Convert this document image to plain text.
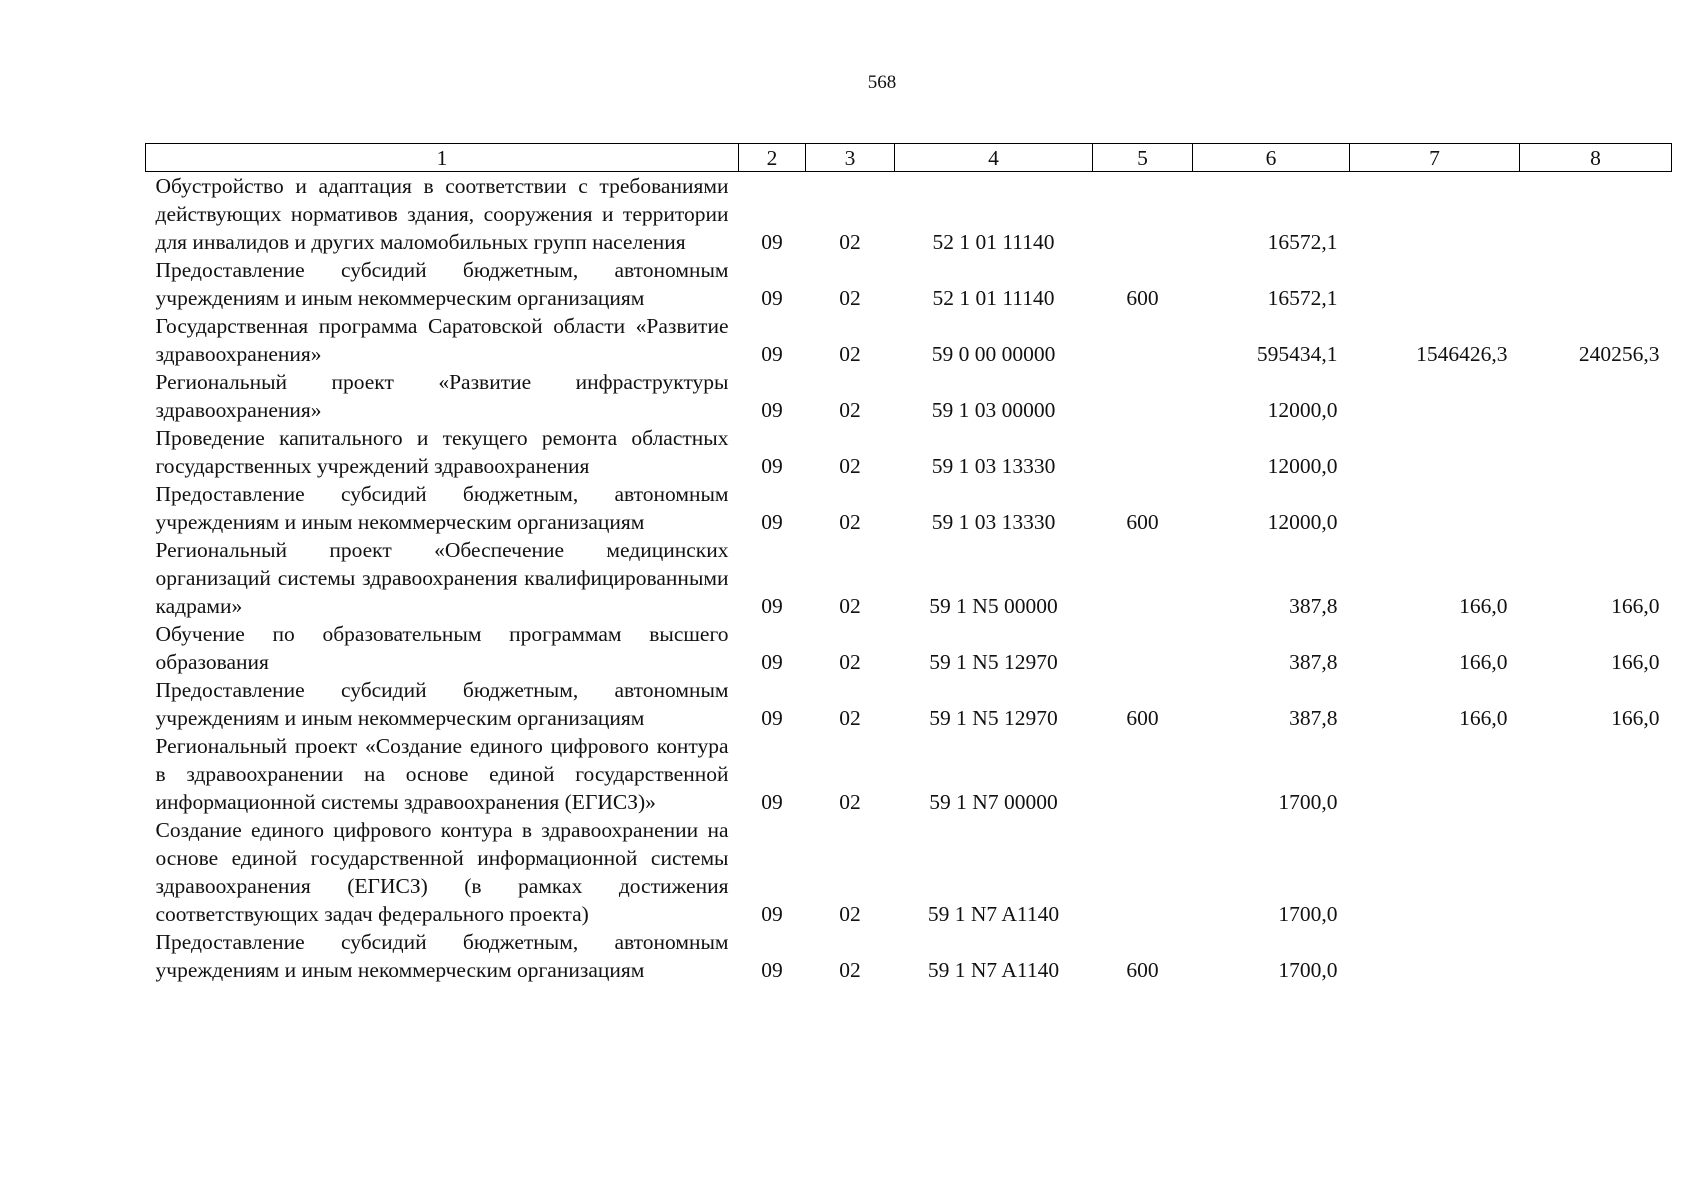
568
1	2	3	4	5	6	7	8
Обустройство и адаптация в соответствии с требованиями действующих нормативов здания, сооружения и территории для инвалидов и других маломобильных групп населения	09	02	52 1 01 11140		16572,1		
Предоставление субсидий бюджетным, автономным учреждениям и иным некоммерческим организациям	09	02	52 1 01 11140	600	16572,1		
Государственная программа Саратовской области «Развитие здравоохранения»	09	02	59 0 00 00000		595434,1	1546426,3	240256,3
Региональный проект «Развитие инфраструктуры здравоохранения»	09	02	59 1 03 00000		12000,0		
Проведение капитального и текущего ремонта областных государственных учреждений здравоохранения	09	02	59 1 03 13330		12000,0		
Предоставление субсидий бюджетным, автономным учреждениям и иным некоммерческим организациям	09	02	59 1 03 13330	600	12000,0		
Региональный проект «Обеспечение медицинских организаций системы здравоохранения квалифицированными кадрами»	09	02	59 1 N5 00000		387,8	166,0	166,0
Обучение по образовательным программам высшего образования	09	02	59 1 N5 12970		387,8	166,0	166,0
Предоставление субсидий бюджетным, автономным учреждениям и иным некоммерческим организациям	09	02	59 1 N5 12970	600	387,8	166,0	166,0
Региональный проект «Создание единого цифрового контура в здравоохранении на основе единой государственной информационной системы здравоохранения (ЕГИСЗ)»	09	02	59 1 N7 00000		1700,0		
Создание единого цифрового контура в здравоохранении на основе единой государственной информационной системы здравоохранения (ЕГИСЗ) (в рамках достижения соответствующих задач федерального проекта)	09	02	59 1 N7 A1140		1700,0		
Предоставление субсидий бюджетным, автономным учреждениям и иным некоммерческим организациям	09	02	59 1 N7 A1140	600	1700,0		
